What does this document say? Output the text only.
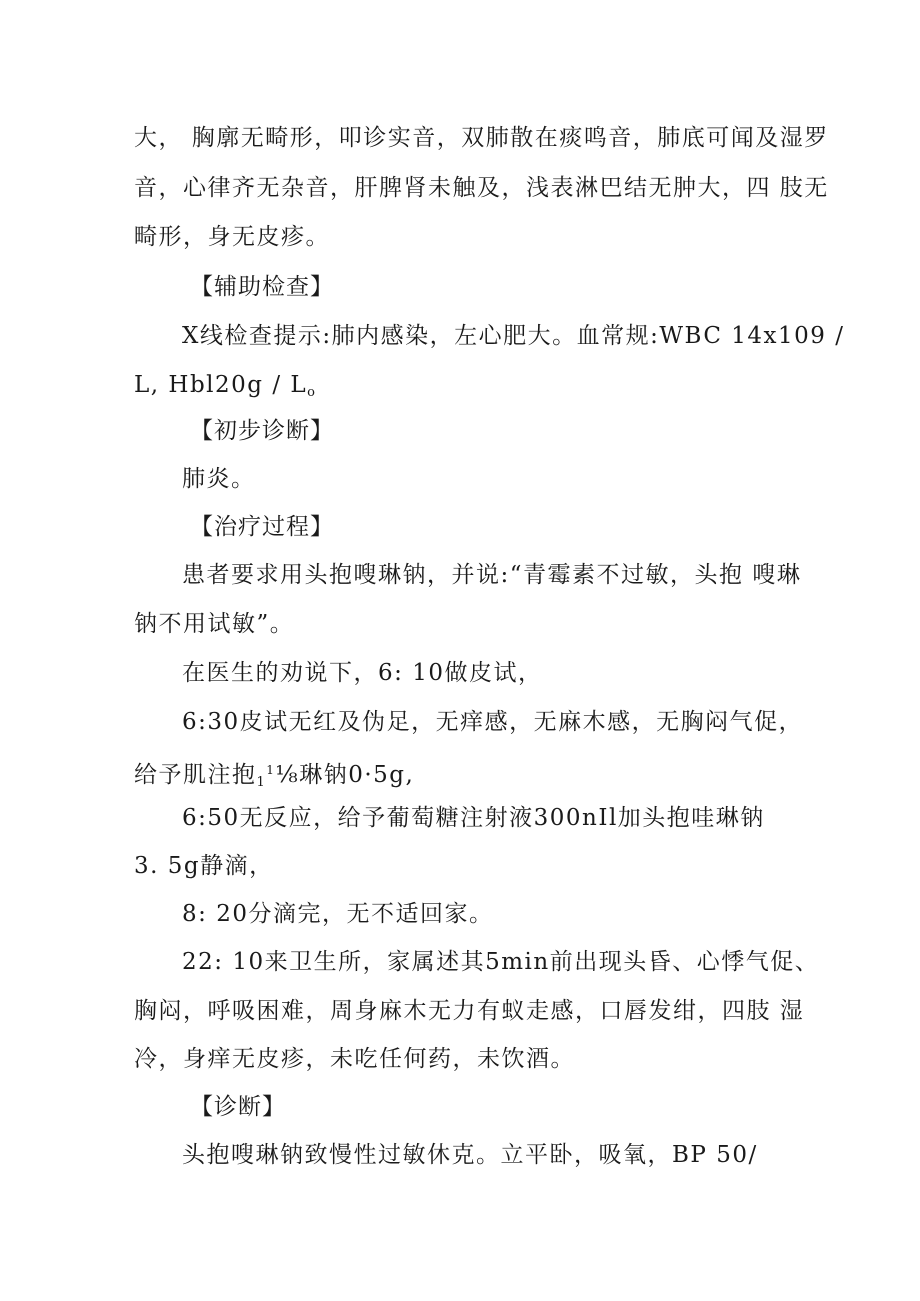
大， 胸廓无畸形，叩诊实音，双肺散在痰鸣音，肺底可闻及湿罗
音，心律齐无杂音，肝脾肾未触及，浅表淋巴结无肿大，四 肢无
畸形，身无皮疹。
【辅助检查】
X线检查提示:肺内感染，左心肥大。血常规:WBC 14x109 /
L, $Hbl20g / L_o$
【初步诊断】
肺炎。
【治疗过程】
患者要求用头抱嗖琳钠，并说:“青霉素不过敏，头抱 嗖琳
钠不用试敏”。
在医生的劝说下，6: 10做皮试，
6:30皮试无红及伪足，无痒感，无麻木感，无胸闷气促，
给予肌注抱$_1^1$⅛琳钠0·5g,
6:50无反应，给予葡萄糖注射液300nIl加头抱哇琳钠
3. 5g静滴，
8: 20分滴完，无不适回家。
22: 10来卫生所，家属述其5min前出现头昏、心悸气促、
胸闷，呼吸困难，周身麻木无力有蚁走感，口唇发绀，四肢 湿
冷，身痒无皮疹，未吃任何药，未饮酒。
【诊断】
头抱嗖琳钠致慢性过敏休克。立平卧，吸氧，BP 50/
